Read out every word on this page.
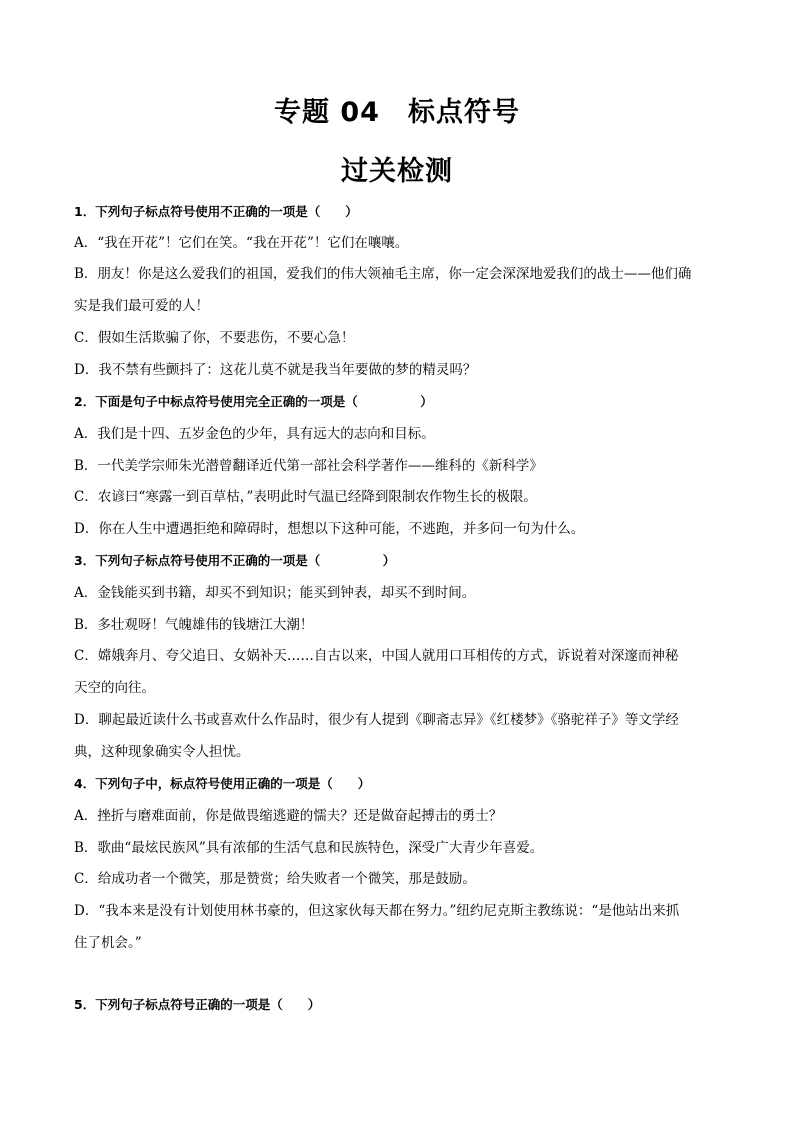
专题 04　标点符号
过关检测
1．下列句子标点符号使用不正确的一项是（　　）
A．“我在开花”！它们在笑。“我在开花”！它们在嚷嚷。
B．朋友！你是这么爱我们的祖国，爱我们的伟大领袖毛主席，你一定会深深地爱我们的战士——他们确
实是我们最可爱的人！
C．假如生活欺骗了你，不要悲伤，不要心急！
D．我不禁有些颤抖了：这花儿莫不就是我当年要做的梦的精灵吗？
2．下面是句子中标点符号使用完全正确的一项是（　　　　　）
A．我们是十四、五岁金色的少年，具有远大的志向和目标。
B．一代美学宗师朱光潜曾翻译近代第一部社会科学著作——维科的《新科学》
C．农谚曰“寒露一到百草枯，”表明此时气温已经降到限制农作物生长的极限。
D．你在人生中遭遇拒绝和障碍时，想想以下这种可能，不逃跑，并多问一句为什么。
3．下列句子标点符号使用不正确的一项是（　　　　　）
A．金钱能买到书籍，却买不到知识；能买到钟表，却买不到时间。
B．多壮观呀！气魄雄伟的钱塘江大潮！
C．嫦娥奔月、夸父追日、女娲补天……自古以来，中国人就用口耳相传的方式，诉说着对深邃而神秘
天空的向往。
D．聊起最近读什么书或喜欢什么作品时，很少有人提到《聊斋志异》《红楼梦》《骆驼祥子》等文学经
典，这种现象确实令人担忧。
4．下列句子中，标点符号使用正确的一项是（　　）
A．挫折与磨难面前，你是做畏缩逃避的懦夫？还是做奋起搏击的勇士？
B．歌曲“最炫民族风”具有浓郁的生活气息和民族特色，深受广大青少年喜爱。
C．给成功者一个微笑，那是赞赏；给失败者一个微笑，那是鼓励。
D．“我本来是没有计划使用林书豪的，但这家伙每天都在努力。”纽约尼克斯主教练说：“是他站出来抓
住了机会。”
5．下列句子标点符号正确的一项是（　　）
